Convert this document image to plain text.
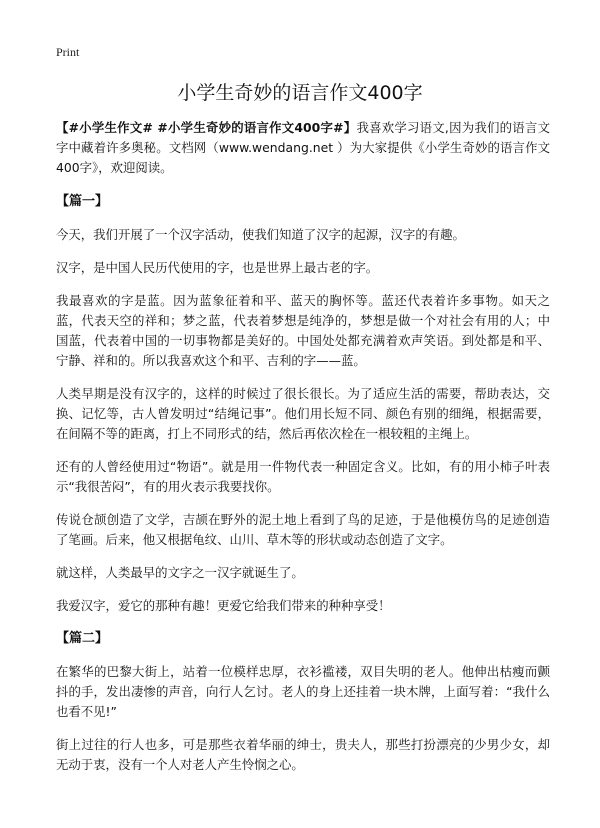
Print
小学生奇妙的语言作文400字

【#小学生作文# #小学生奇妙的语言作文400字#】我喜欢学习语文,因为我们的语言文字中藏着许多奥秘。文档网（www.wendang.net ）为大家提供《小学生奇妙的语言作文400字》，欢迎阅读。

【篇一】

今天，我们开展了一个汉字活动，使我们知道了汉字的起源，汉字的有趣。

汉字，是中国人民历代使用的字，也是世界上最古老的字。

我最喜欢的字是蓝。因为蓝象征着和平、蓝天的胸怀等。蓝还代表着许多事物。如天之蓝，代表天空的祥和；梦之蓝，代表着梦想是纯净的，梦想是做一个对社会有用的人；中国蓝，代表着中国的一切事物都是美好的。中国处处都充满着欢声笑语。到处都是和平、宁静、祥和的。所以我喜欢这个和平、吉利的字——蓝。

人类早期是没有汉字的，这样的时候过了很长很长。为了适应生活的需要，帮助表达，交换、记忆等，古人曾发明过“结绳记事”。他们用长短不同、颜色有别的细绳，根据需要，在间隔不等的距离，打上不同形式的结，然后再依次栓在一根较粗的主绳上。

还有的人曾经使用过“物语”。就是用一件物代表一种固定含义。比如，有的用小柿子叶表示“我很苦闷”，有的用火表示我要找你。

传说仓颉创造了文学，吉颉在野外的泥土地上看到了鸟的足迹，于是他模仿鸟的足迹创造了笔画。后来，他又根据龟纹、山川、草木等的形状或动态创造了文字。

就这样，人类最早的文字之一汉字就诞生了。

我爱汉字，爱它的那种有趣！更爱它给我们带来的种种享受！

【篇二】

在繁华的巴黎大街上，站着一位模样忠厚，衣衫褴褛，双目失明的老人。他伸出枯瘦而颤抖的手，发出凄惨的声音，向行人乞讨。老人的身上还挂着一块木牌，上面写着：“我什么也看不见!”

街上过往的行人也多，可是那些衣着华丽的绅士，贵夫人，那些打扮漂亮的少男少女，却无动于衷，没有一个人对老人产生怜悯之心。
